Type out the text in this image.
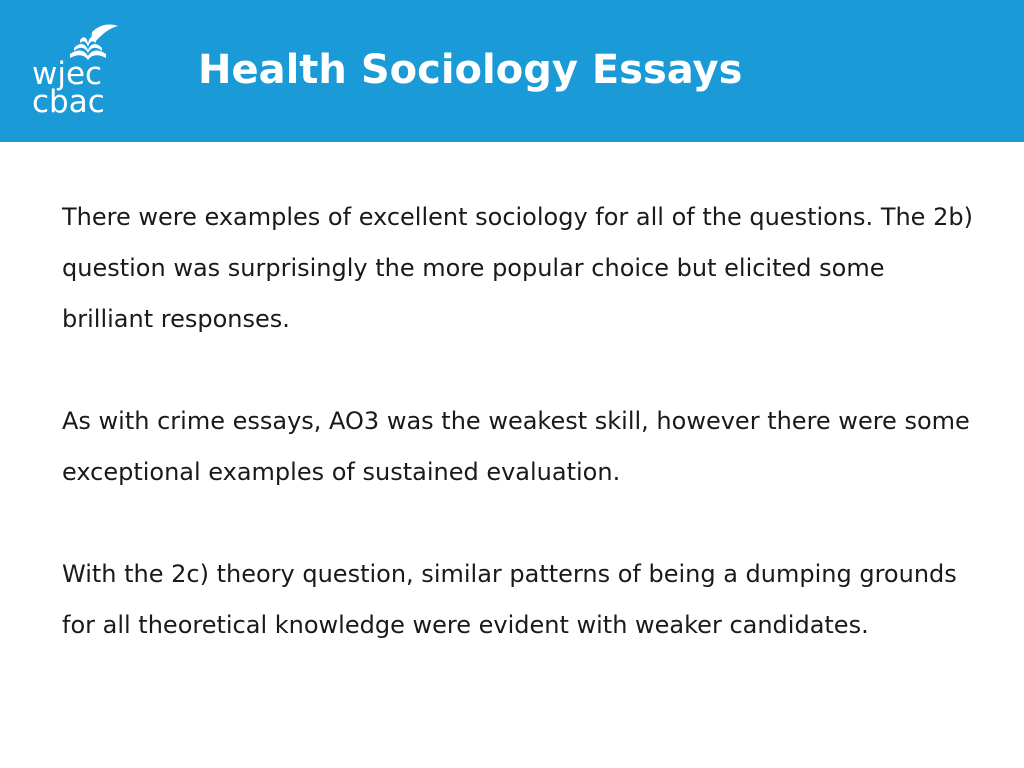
wjec
cbac
Health Sociology Essays

There were examples of excellent sociology for all of the questions. The 2b) question was surprisingly the more popular choice but elicited some brilliant responses.

As with crime essays, AO3 was the weakest skill, however there were some exceptional examples of sustained evaluation.

With the 2c) theory question, similar patterns of being a dumping grounds for all theoretical knowledge were evident with weaker candidates.
